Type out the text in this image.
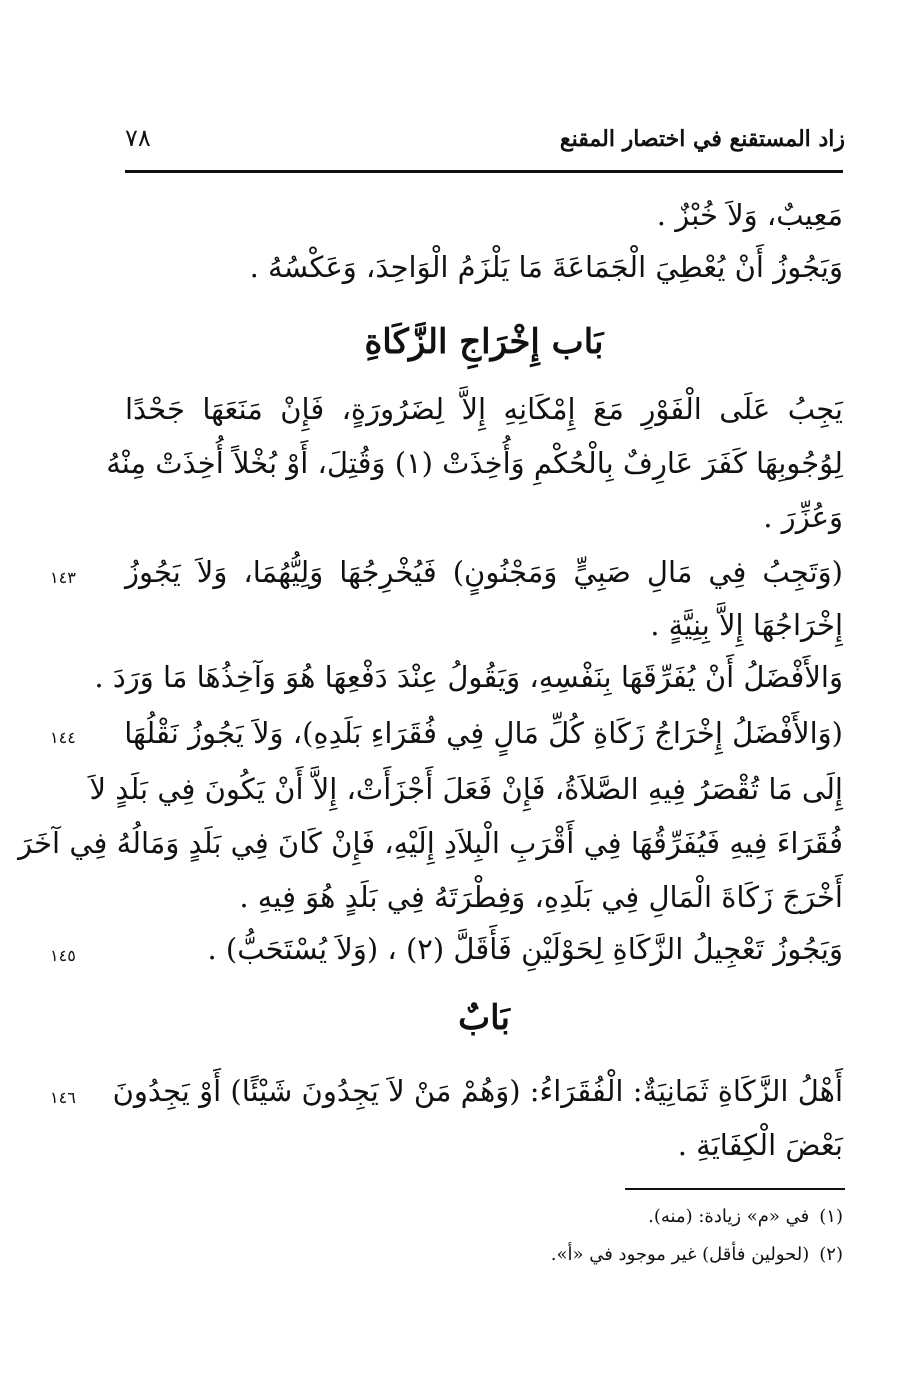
زاد المستقنع في اختصار المقنع
٧٨
مَعِيبٌ، وَلاَ خُبْزٌ .
وَيَجُوزُ أَنْ يُعْطِيَ الْجَمَاعَةَ مَا يَلْزَمُ الْوَاحِدَ، وَعَكْسُهُ .
بَاب إِخْرَاجِ الزَّكَاةِ
يَجِبُ عَلَى الْفَوْرِ مَعَ إِمْكَانِهِ إِلاَّ لِضَرُورَةٍ، فَإِنْ مَنَعَهَا جَحْدًا
لِوُجُوبِهَا كَفَرَ عَارِفٌ بِالْحُكْمِ وَأُخِذَتْ (١) وَقُتِلَ، أَوْ بُخْلاً أُخِذَتْ مِنْهُ
وَعُزِّرَ .
(وَتَجِبُ فِي مَالِ صَبِيٍّ وَمَجْنُونٍ) فَيُخْرِجُهَا وَلِيُّهُمَا، وَلاَ يَجُوزُ
١٤٣
إِخْرَاجُهَا إِلاَّ بِنِيَّةٍ .
وَالأَفْضَلُ أَنْ يُفَرِّقَهَا بِنَفْسِهِ، وَيَقُولُ عِنْدَ دَفْعِهَا هُوَ وَآخِذُهَا مَا وَرَدَ .
(وَالأَفْضَلُ إِخْرَاجُ زَكَاةِ كُلِّ مَالٍ فِي فُقَرَاءِ بَلَدِهِ)، وَلاَ يَجُوزُ نَقْلُهَا
١٤٤
إِلَى مَا تُقْصَرُ فِيهِ الصَّلاَةُ، فَإِنْ فَعَلَ أَجْزَأَتْ، إِلاَّ أَنْ يَكُونَ فِي بَلَدٍ لاَ
فُقَرَاءَ فِيهِ فَيُفَرِّقُهَا فِي أَقْرَبِ الْبِلاَدِ إِلَيْهِ، فَإِنْ كَانَ فِي بَلَدٍ وَمَالُهُ فِي آخَرَ
أَخْرَجَ زَكَاةَ الْمَالِ فِي بَلَدِهِ، وَفِطْرَتَهُ فِي بَلَدٍ هُوَ فِيهِ .
وَيَجُوزُ تَعْجِيلُ الزَّكَاةِ لِحَوْلَيْنِ فَأَقَلَّ (٢) ، (وَلاَ يُسْتَحَبُّ) .
١٤٥
بَابٌ
أَهْلُ الزَّكَاةِ ثَمَانِيَةٌ: الْفُقَرَاءُ: (وَهُمْ مَنْ لاَ يَجِدُونَ شَيْئًا) أَوْ يَجِدُونَ
١٤٦
بَعْضَ الْكِفَايَةِ .
(١)في «م» زيادة: (منه).
(٢)(لحولين فأقل) غير موجود في «أ».
